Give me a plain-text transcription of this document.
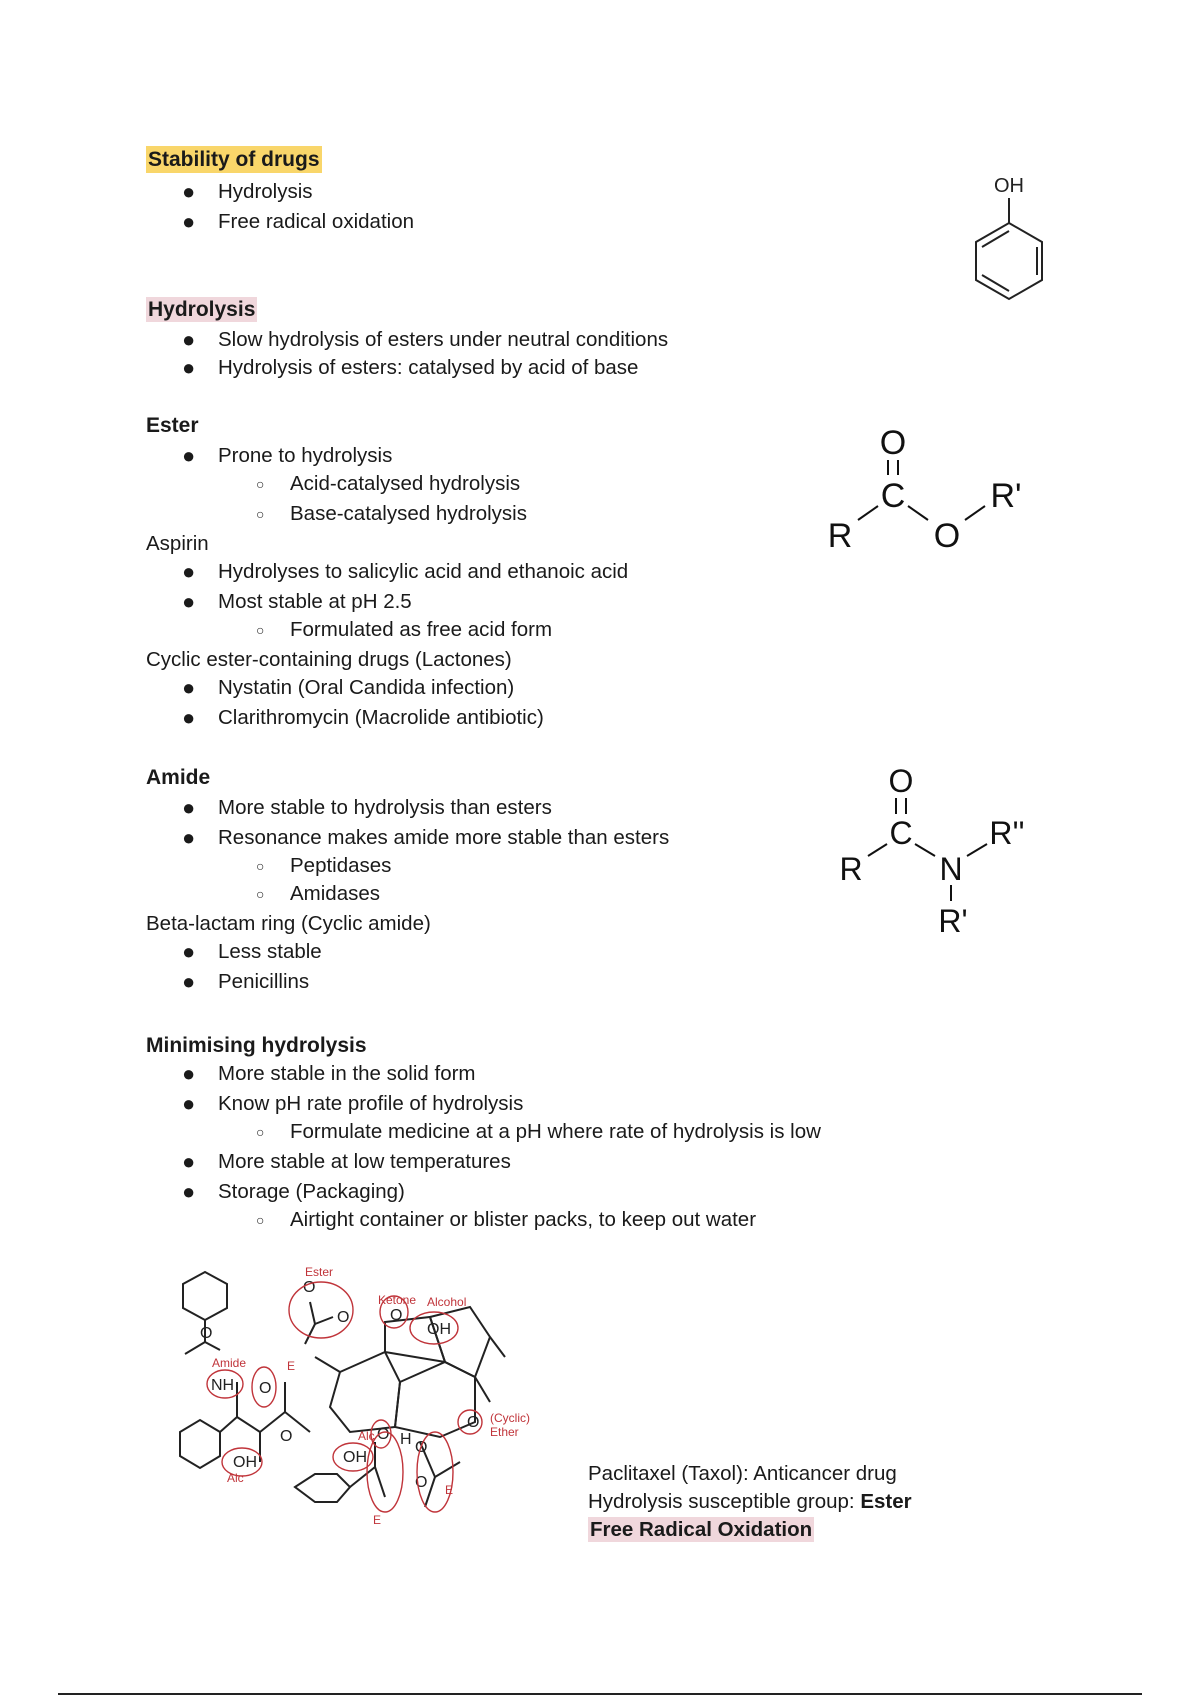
Stability of drugs
● Hydrolysis
● Free radical oxidation
OH
Hydrolysis
● Slow hydrolysis of esters under neutral conditions
● Hydrolysis of esters: catalysed by acid of base
Ester
● Prone to hydrolysis
○ Acid-catalysed hydrolysis
○ Base-catalysed hydrolysis
Aspirin
● Hydrolyses to salicylic acid and ethanoic acid
● Most stable at pH 2.5
○ Formulated as free acid form
Cyclic ester-containing drugs (Lactones)
● Nystatin (Oral Candida infection)
● Clarithromycin (Macrolide antibiotic)
O
C
R O
R'
Amide
● More stable to hydrolysis than esters
● Resonance makes amide more stable than esters
○ Peptidases
○ Amidases
Beta-lactam ring (Cyclic amide)
● Less stable
● Penicillins
O
C
R N
R''
R'
Minimising hydrolysis
● More stable in the solid form
● Know pH rate profile of hydrolysis
○ Formulate medicine at a pH where rate of hydrolysis is low
● More stable at low temperatures
● Storage (Packaging)
○ Airtight container or blister packs, to keep out water
O
NH O
O
OH
O
O	O
OH
OH
O H O
O
O
Ester
Ketone Alcohol
Amide	E
Alc
Alc
(Cyclic)
Ether
E
E
Paclitaxel (Taxol): Anticancer drug
Hydrolysis susceptible group: Ester
Free Radical Oxidation
